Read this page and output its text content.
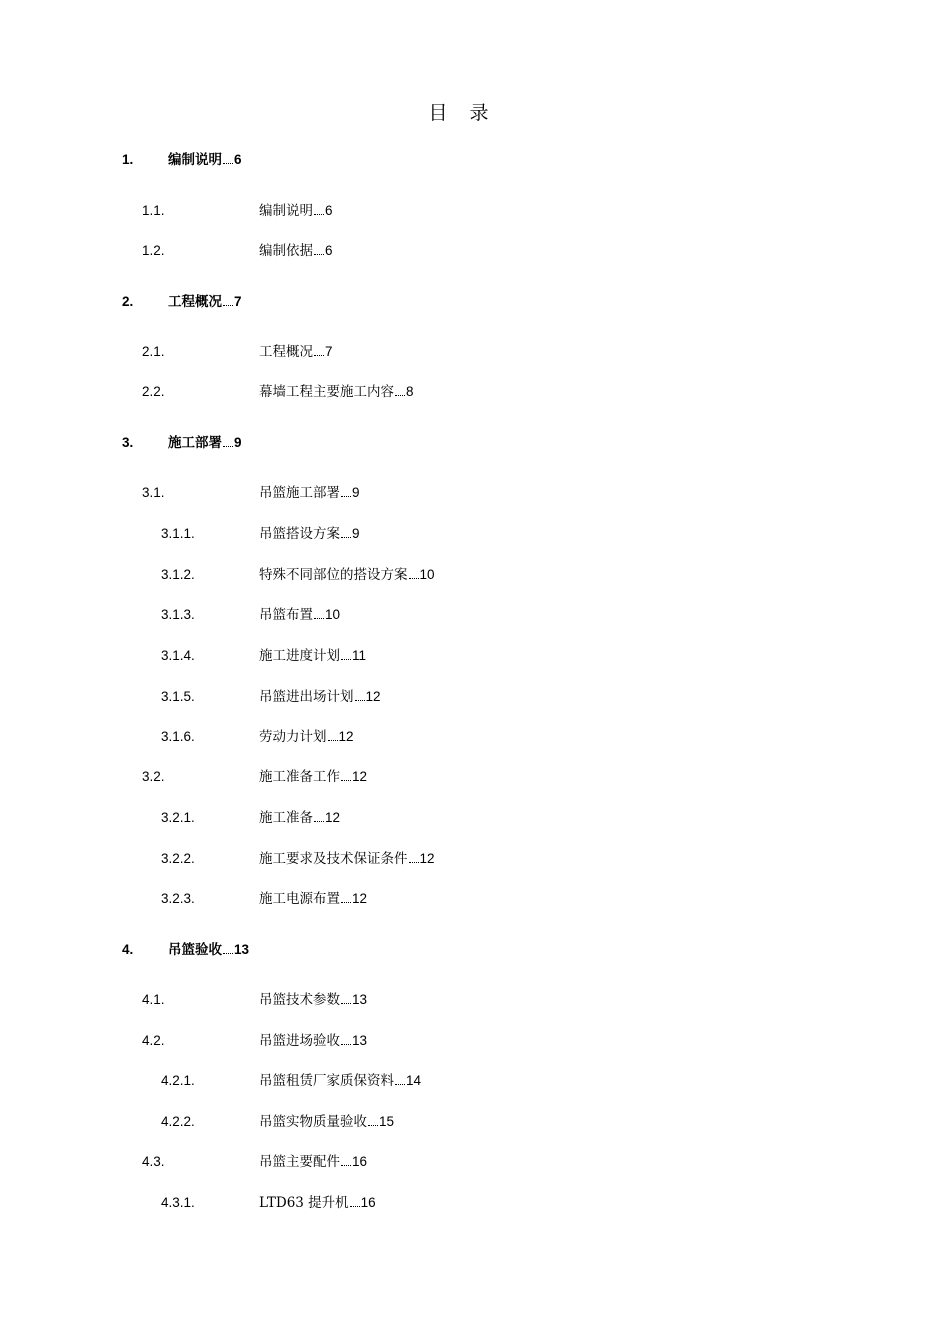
目 录
1.	编制说明 6
1.1.	编制说明 6
1.2.	编制依据 6
2.	工程概况 7
2.1.	工程概况 7
2.2.	幕墙工程主要施工内容 8
3.	施工部署 9
3.1.	吊篮施工部署 9
3.1.1.	吊篮搭设方案 9
3.1.2.	特殊不同部位的搭设方案 10
3.1.3.	吊篮布置 10
3.1.4.	施工进度计划 11
3.1.5.	吊篮进出场计划 12
3.1.6.	劳动力计划 12
3.2.	施工准备工作 12
3.2.1.	施工准备 12
3.2.2.	施工要求及技术保证条件 12
3.2.3.	施工电源布置 12
4.	吊篮验收 13
4.1.	吊篮技术参数 13
4.2.	吊篮进场验收 13
4.2.1.	吊篮租赁厂家质保资料 14
4.2.2.	吊篮实物质量验收 15
4.3.	吊篮主要配件 16
4.3.1.	LTD63 提升机 16
